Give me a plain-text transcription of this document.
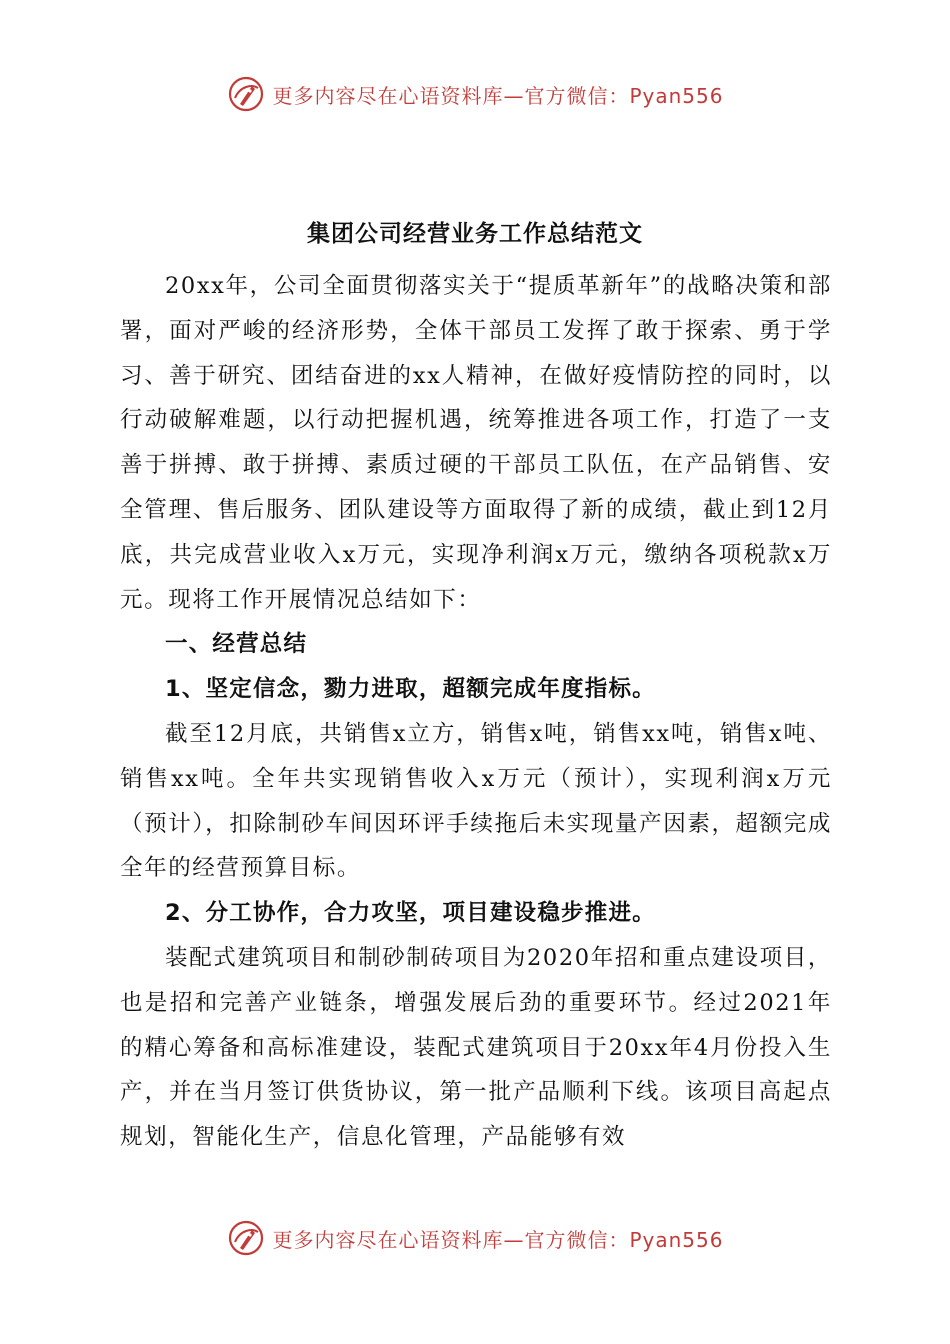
更多内容尽在心语资料库—官方微信：Pyan556
集团公司经营业务工作总结范文

20xx年，公司全面贯彻落实关于“提质革新年”的战略决策和部署，面对严峻的经济形势，全体干部员工发挥了敢于探索、勇于学习、善于研究、团结奋进的xx人精神，在做好疫情防控的同时，以行动破解难题，以行动把握机遇，统筹推进各项工作，打造了一支善于拼搏、敢于拼搏、素质过硬的干部员工队伍，在产品销售、安全管理、售后服务、团队建设等方面取得了新的成绩，截止到12月底，共完成营业收入x万元，实现净利润x万元，缴纳各项税款x万元。现将工作开展情况总结如下：

一、经营总结

1、坚定信念，勠力进取，超额完成年度指标。

截至12月底，共销售x立方，销售x吨，销售xx吨，销售x吨、销售xx吨。全年共实现销售收入x万元（预计），实现利润x万元（预计），扣除制砂车间因环评手续拖后未实现量产因素，超额完成全年的经营预算目标。

2、分工协作，合力攻坚，项目建设稳步推进。

装配式建筑项目和制砂制砖项目为2020年招和重点建设项目，也是招和完善产业链条，增强发展后劲的重要环节。经过2021年的精心筹备和高标准建设，装配式建筑项目于20xx年4月份投入生产，并在当月签订供货协议，第一批产品顺利下线。该项目高起点规划，智能化生产，信息化管理，产品能够有效

更多内容尽在心语资料库—官方微信：Pyan556
